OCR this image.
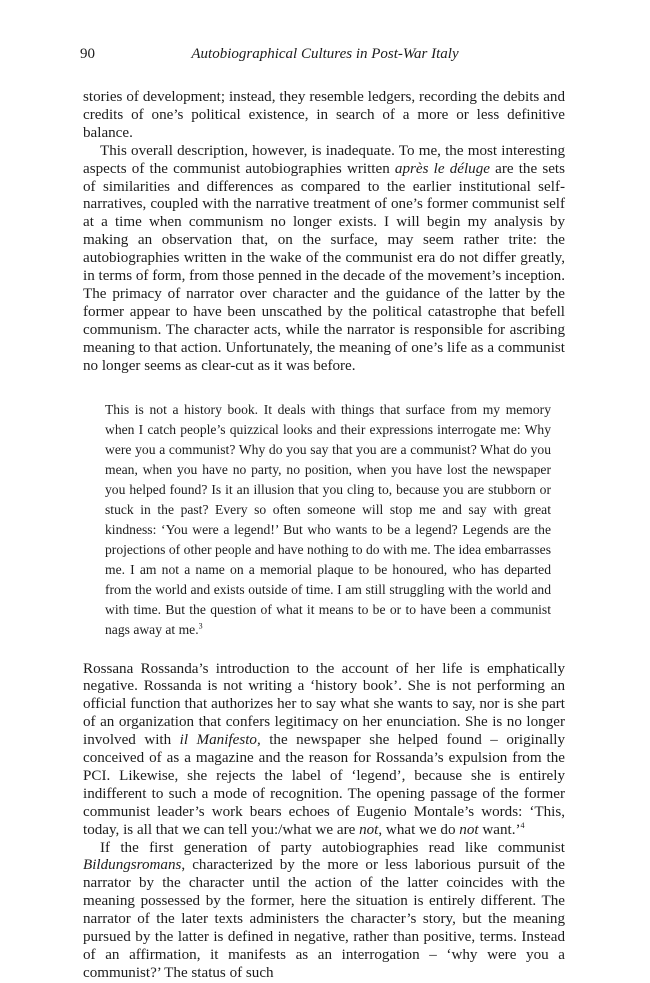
90	Autobiographical Cultures in Post-War Italy

stories of development; instead, they resemble ledgers, recording the debits and credits of one’s political existence, in search of a more or less definitive balance.

This overall description, however, is inadequate. To me, the most interesting aspects of the communist autobiographies written après le déluge are the sets of similarities and differences as compared to the earlier institutional self-narratives, coupled with the narrative treatment of one’s former communist self at a time when communism no longer exists. I will begin my analysis by making an observation that, on the surface, may seem rather trite: the autobiographies written in the wake of the communist era do not differ greatly, in terms of form, from those penned in the decade of the movement’s inception. The primacy of narrator over character and the guidance of the latter by the former appear to have been unscathed by the political catastrophe that befell communism. The character acts, while the narrator is responsible for ascribing meaning to that action. Unfortunately, the meaning of one’s life as a communist no longer seems as clear-cut as it was before.

This is not a history book. It deals with things that surface from my memory when I catch people’s quizzical looks and their expressions interrogate me: Why were you a communist? Why do you say that you are a communist? What do you mean, when you have no party, no position, when you have lost the newspaper you helped found? Is it an illusion that you cling to, because you are stubborn or stuck in the past? Every so often someone will stop me and say with great kindness: ‘You were a legend!’ But who wants to be a legend? Legends are the projections of other people and have nothing to do with me. The idea embarrasses me. I am not a name on a memorial plaque to be honoured, who has departed from the world and exists outside of time. I am still struggling with the world and with time. But the question of what it means to be or to have been a communist nags away at me.$^3$

Rossana Rossanda’s introduction to the account of her life is emphatically negative. Rossanda is not writing a ‘history book’. She is not performing an official function that authorizes her to say what she wants to say, nor is she part of an organization that confers legitimacy on her enunciation. She is no longer involved with il Manifesto, the newspaper she helped found – originally conceived of as a magazine and the reason for Rossanda’s expulsion from the PCI. Likewise, she rejects the label of ‘legend’, because she is entirely indifferent to such a mode of recognition. The opening passage of the former communist leader’s work bears echoes of Eugenio Montale’s words: ‘This, today, is all that we can tell you:/what we are not, what we do not want.’$^4$

If the first generation of party autobiographies read like communist Bildungsromans, characterized by the more or less laborious pursuit of the narrator by the character until the action of the latter coincides with the meaning possessed by the former, here the situation is entirely different. The narrator of the later texts administers the character’s story, but the meaning pursued by the latter is defined in negative, rather than positive, terms. Instead of an affirmation, it manifests as an interrogation – ‘why were you a communist?’ The status of such
